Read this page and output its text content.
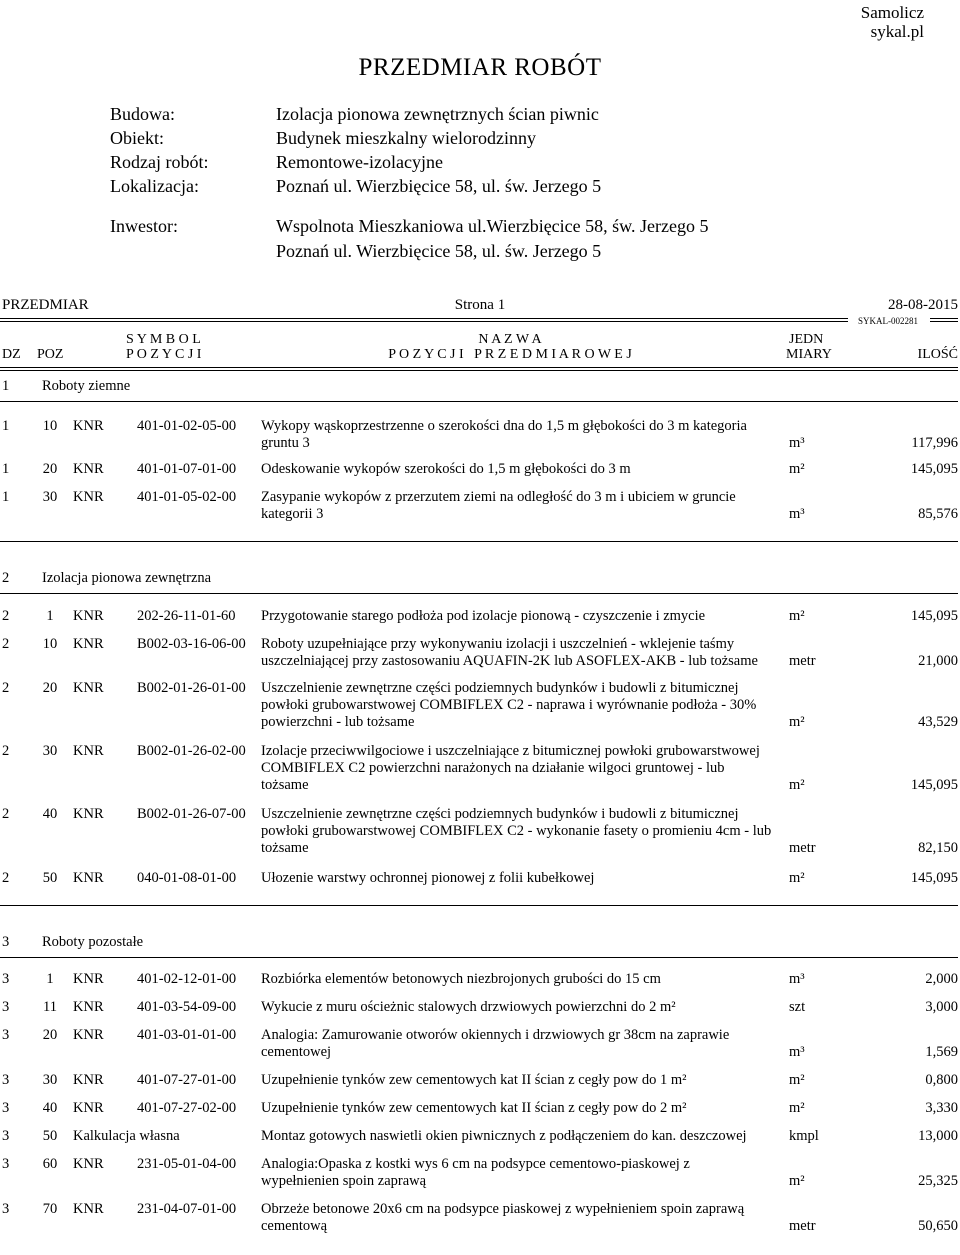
Samolicz
sykal.pl
PRZEDMIAR ROBÓT
Budowa:	Izolacja pionowa zewnętrznych ścian piwnic
Obiekt:	Budynek mieszkalny wielorodzinny
Rodzaj robót:	Remontowe-izolacyjne
Lokalizacja:	Poznań ul. Wierzbięcice 58, ul. św. Jerzego 5
Inwestor:	Wspolnota Mieszkaniowa ul.Wierzbięcice 58, św. Jerzego 5
Poznań ul. Wierzbięcice 58, ul. św. Jerzego 5
PRZEDMIAR	Strona 1	28-08-2015
SYKAL-002281
S Y M B O L
P O Z Y C J I
N A Z W A
P O Z Y C J I   P R Z E D M I A R O W E J
JEDN
MIARY
DZ POZ	ILOŚĆ
1 Roboty ziemne
1	10	KNR 401-01-02-05-00 Wykopy wąskoprzestrzenne o szerokości dna do 1,5 m głębokości do 3 m kategoria gruntu 3	m³	117,996
1	20	KNR 401-01-07-01-00 Odeskowanie wykopów szerokości do 1,5 m głębokości do 3 m	m²	145,095
1	30	KNR 401-01-05-02-00 Zasypanie wykopów z przerzutem ziemi na odległość do 3 m i ubiciem w gruncie kategorii 3	m³	85,576
2 Izolacja pionowa zewnętrzna
2	1	KNR 202-26-11-01-60 Przygotowanie starego podłoża pod izolacje pionową - czyszczenie i zmycie	m²	145,095
2	10	KNR B002-03-16-06-00 Roboty uzupełniające przy wykonywaniu izolacji i uszczelnień - wklejenie taśmy uszczelniającej przy zastosowaniu AQUAFIN-2K lub ASOFLEX-AKB - lub tożsame	metr	21,000
2	20	KNR B002-01-26-01-00 Uszczelnienie zewnętrzne części podziemnych budynków i budowli z bitumicznej powłoki grubowarstwowej COMBIFLEX C2 - naprawa i wyrównanie podłoża - 30% powierzchni - lub tożsame	m²	43,529
2	30	KNR B002-01-26-02-00 Izolacje przeciwwilgociowe i uszczelniające z bitumicznej powłoki grubowarstwowej COMBIFLEX C2 powierzchni narażonych na działanie wilgoci gruntowej - lub tożsame	m²	145,095
2	40	KNR B002-01-26-07-00 Uszczelnienie zewnętrzne części podziemnych budynków i budowli z bitumicznej powłoki grubowarstwowej COMBIFLEX C2 - wykonanie fasety o promieniu 4cm - lub tożsame	metr	82,150
2	50	KNR 040-01-08-01-00 Ułozenie warstwy ochronnej pionowej z folii kubełkowej	m²	145,095
3 Roboty pozostałe
3	1	KNR 401-02-12-01-00 Rozbiórka elementów betonowych niezbrojonych grubości do 15 cm	m³	2,000
3	11	KNR 401-03-54-09-00 Wykucie z muru ościeżnic stalowych drzwiowych powierzchni do 2 m²	szt	3,000
3	20	KNR 401-03-01-01-00 Analogia: Zamurowanie otworów okiennych i drzwiowych gr 38cm na zaprawie cementowej	m³	1,569
3	30	KNR 401-07-27-01-00 Uzupełnienie tynków zew cementowych kat II ścian z cegły pow do 1 m²	m²	0,800
3	40	KNR 401-07-27-02-00 Uzupełnienie tynków zew cementowych kat II ścian z cegły pow do 2 m²	m²	3,330
3	50	Kalkulacja własna	Montaz gotowych naswietli okien piwnicznych z podłączeniem do kan. deszczowej	kmpl	13,000
3	60	KNR 231-05-01-04-00 Analogia:Opaska z kostki wys 6 cm na podsypce cementowo-piaskowej z wypełnienien spoin zaprawą	m²	25,325
3	70	KNR 231-04-07-01-00 Obrzeże betonowe 20x6 cm na podsypce piaskowej z wypełnieniem spoin zaprawą cementową	metr	50,650
